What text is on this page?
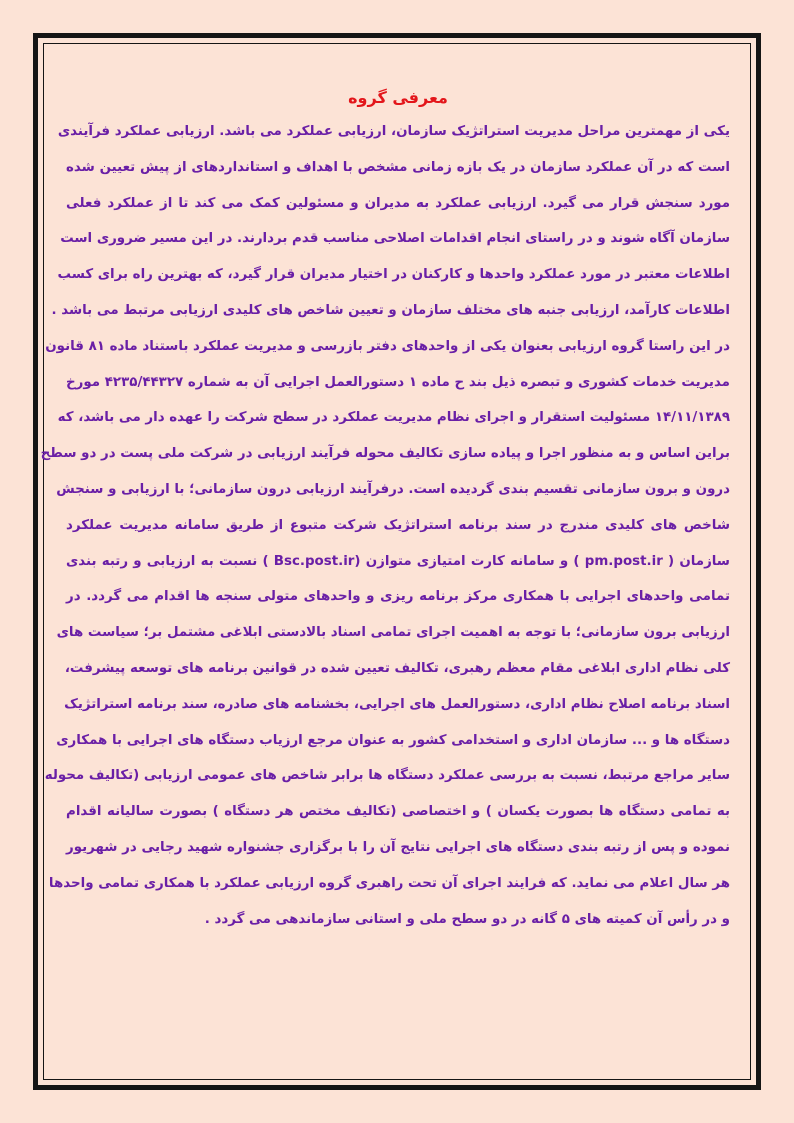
معرفی گروه
یکی از مهمترین مراحل مدیریت استراتژیک سازمان، ارزیابی عملکرد می باشد. ارزیابی عملکرد فرآیندی
است که در آن عملکرد سازمان در یک بازه زمانی مشخص با اهداف و استانداردهای از پیش تعیین شده
مورد سنجش قرار می گیرد. ارزیابی عملکرد به مدیران و مسئولین کمک می کند تا از عملکرد فعلی
سازمان آگاه شوند و در راستای انجام اقدامات اصلاحی مناسب قدم بردارند. در این مسیر ضروری است
اطلاعات معتبر در مورد عملکرد واحدها و کارکنان در اختیار مدیران قرار گیرد، که بهترین راه برای کسب
اطلاعات کارآمد، ارزیابی جنبه های مختلف سازمان و تعیین شاخص های کلیدی ارزیابی مرتبط می باشد .
در این راستا گروه ارزیابی بعنوان یکی از واحدهای دفتر بازرسی و مدیریت عملکرد باستناد ماده ۸۱ قانون
مدیریت خدمات کشوری و تبصره ذیل بند ح ماده ۱ دستورالعمل اجرایی آن به شماره ۴۲۳۵/۴۴۳۲۷ مورخ
۱۴/۱۱/۱۳۸۹ مسئولیت استقرار و اجرای نظام مدیریت عملکرد در سطح شرکت را عهده دار می باشد، که
براین اساس و به منظور اجرا و پیاده سازی تکالیف محوله فرآیند ارزیابی در شرکت ملی پست در دو سطح
درون و برون سازمانی تقسیم بندی گردیده است. درفرآیند ارزیابی درون سازمانی؛ با ارزیابی و سنجش
شاخص های کلیدی مندرج در سند برنامه استراتژیک شرکت متبوع از طریق سامانه مدیریت عملکرد
سازمان ( pm.post.ir ) و سامانه کارت امتیازی متوازن (Bsc.post.ir ) نسبت به ارزیابی و رتبه بندی
تمامی واحدهای اجرایی با همکاری مرکز برنامه ریزی و واحدهای متولی سنجه ها اقدام می گردد. در
ارزیابی برون سازمانی؛ با توجه به اهمیت اجرای تمامی اسناد بالادستی ابلاغی مشتمل بر؛ سیاست های
کلی نظام اداری ابلاغی مقام معظم رهبری، تکالیف تعیین شده در قوانین برنامه های توسعه پیشرفت،
اسناد برنامه اصلاح نظام اداری، دستورالعمل های اجرایی، بخشنامه های صادره، سند برنامه استراتژیک
دستگاه ها و ... سازمان اداری و استخدامی کشور به عنوان مرجع ارزیاب دستگاه های اجرایی با همکاری
سایر مراجع مرتبط، نسبت به بررسی عملکرد دستگاه ها برابر شاخص های عمومی ارزیابی (تکالیف محوله
به تمامی دستگاه ها بصورت یکسان ) و اختصاصی (تکالیف مختص هر دستگاه ) بصورت سالیانه اقدام
نموده و پس از رتبه بندی دستگاه های اجرایی نتایج آن را با برگزاری جشنواره شهید رجایی در شهریور
هر سال اعلام می نماید. که فرایند اجرای آن تحت راهبری گروه ارزیابی عملکرد با همکاری تمامی واحدها
و در رأس آن کمیته های ۵ گانه در دو سطح ملی و استانی سازماندهی می گردد .
